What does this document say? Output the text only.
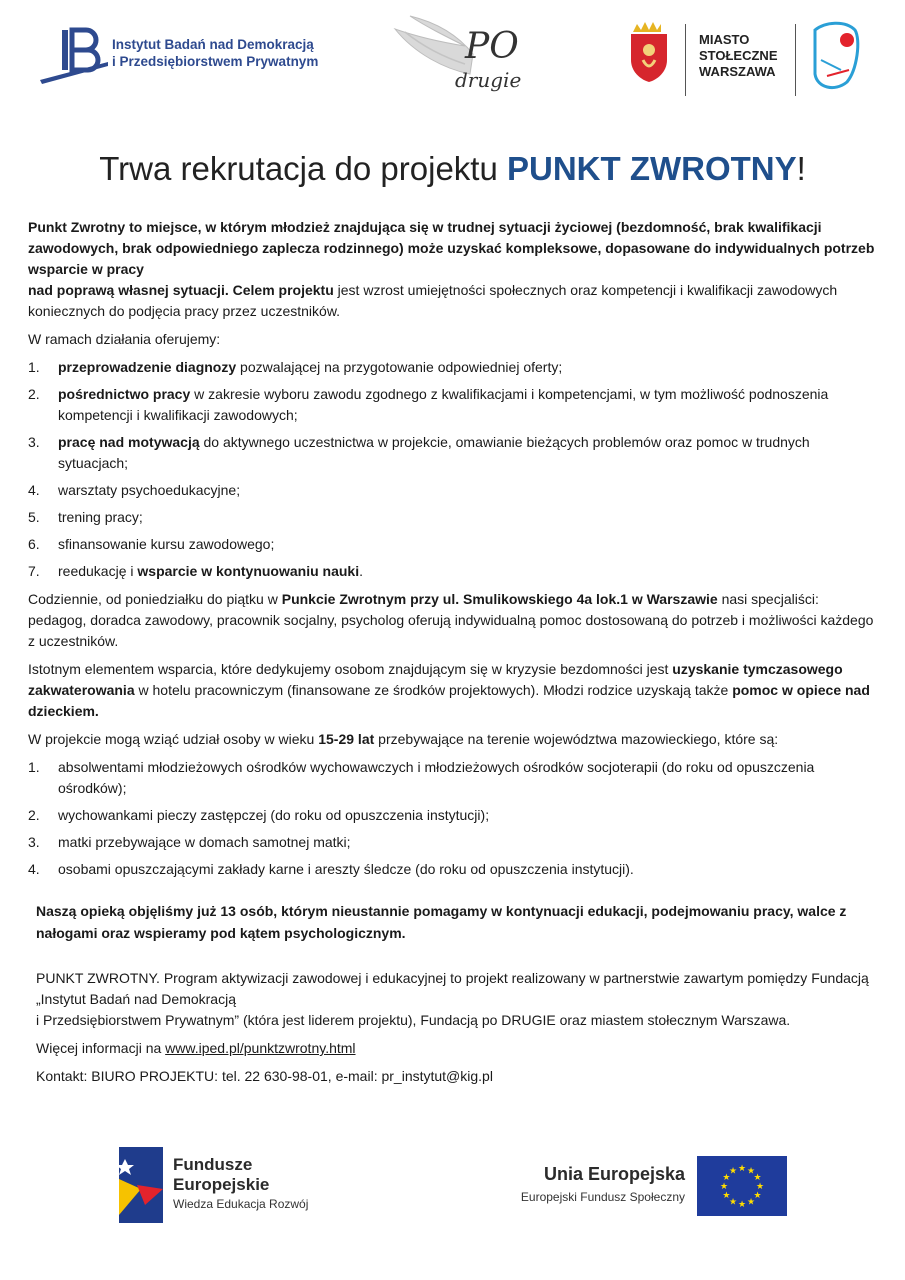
Instytut Badań nad Demokracją
i Przedsiębiorstwem Prywatnym	PO
drugie
MIASTO
STOŁECZNE
WARSZAWA
Trwa rekrutacja do projektu PUNKT ZWROTNY!

Punkt Zwrotny to miejsce, w którym młodzież znajdująca się w trudnej sytuacji życiowej (bezdomność, brak kwalifikacji zawodowych, brak odpowiedniego zaplecza rodzinnego) może uzyskać kompleksowe, dopasowane do indywidualnych potrzeb wsparcie w pracy
nad poprawą własnej sytuacji. Celem projektu jest wzrost umiejętności społecznych oraz kompetencji i kwalifikacji zawodowych koniecznych do podjęcia pracy przez uczestników.

W ramach działania oferujemy:

1. przeprowadzenie diagnozy pozwalającej na przygotowanie odpowiedniej oferty;
2. pośrednictwo pracy w zakresie wyboru zawodu zgodnego z kwalifikacjami i kompetencjami, w tym możliwość podnoszenia kompetencji i kwalifikacji zawodowych;
3. pracę nad motywacją do aktywnego uczestnictwa w projekcie, omawianie bieżących problemów oraz pomoc w trudnych sytuacjach;
4. warsztaty psychoedukacyjne;
5. trening pracy;
6. sfinansowanie kursu zawodowego;
7. reedukację i wsparcie w kontynuowaniu nauki.

Codziennie, od poniedziałku do piątku w Punkcie Zwrotnym przy ul. Smulikowskiego 4a lok.1 w Warszawie nasi specjaliści: pedagog, doradca zawodowy, pracownik socjalny, psycholog oferują indywidualną pomoc dostosowaną do potrzeb i możliwości każdego z uczestników.

Istotnym elementem wsparcia, które dedykujemy osobom znajdującym się w kryzysie bezdomności jest uzyskanie tymczasowego zakwaterowania w hotelu pracowniczym (finansowane ze środków projektowych). Młodzi rodzice uzyskają także pomoc w opiece nad dzieckiem.

W projekcie mogą wziąć udział osoby w wieku 15-29 lat przebywające na terenie województwa mazowieckiego, które są:

1. absolwentami młodzieżowych ośrodków wychowawczych i młodzieżowych ośrodków socjoterapii (do roku od opuszczenia ośrodków);
2. wychowankami pieczy zastępczej (do roku od opuszczenia instytucji);
3. matki przebywające w domach samotnej matki;
4. osobami opuszczającymi zakłady karne i areszty śledcze (do roku od opuszczenia instytucji).
Naszą opieką objęliśmy już 13 osób, którym nieustannie pomagamy w kontynuacji edukacji, podejmowaniu pracy, walce z nałogami oraz wspieramy pod kątem psychologicznym.

PUNKT ZWROTNY. Program aktywizacji zawodowej i edukacyjnej to projekt realizowany w partnerstwie zawartym pomiędzy Fundacją „Instytut Badań nad Demokracją
i Przedsiębiorstwem Prywatnym” (która jest liderem projektu), Fundacją po DRUGIE oraz miastem stołecznym Warszawa.

Więcej informacji na www.iped.pl/punktzwrotny.html

Kontakt: BIURO PROJEKTU: tel. 22 630-98-01, e-mail: pr_instytut@kig.pl

Fundusze
Europejskie
Wiedza Edukacja Rozwój
Unia Europejska
Europejski Fundusz Społeczny
★
★
★
★
★
★
★
★
★ ★ ★
★
